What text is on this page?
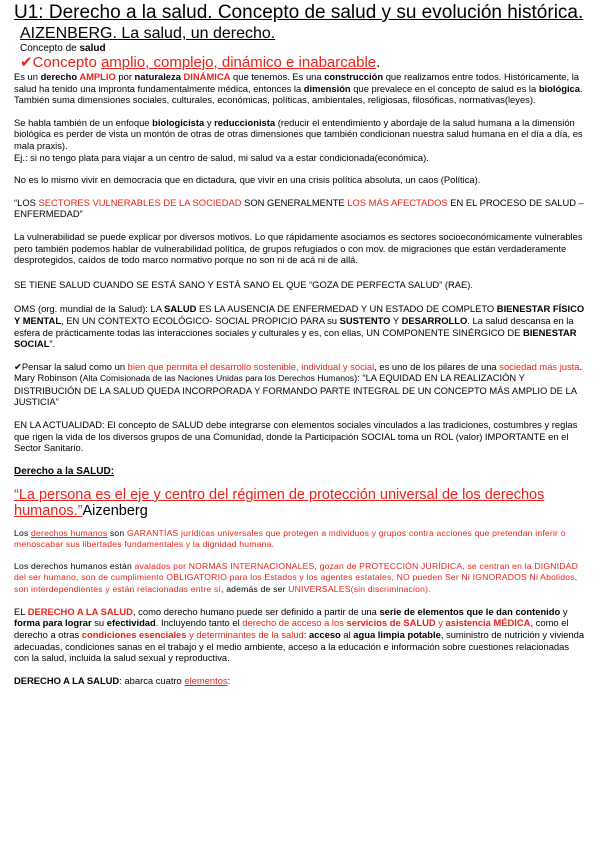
U1: Derecho a la salud. Concepto de salud y su evolución histórica.
AIZENBERG. La salud, un derecho.
Concepto de salud
✔Concepto amplio, complejo, dinámico e inabarcable.

Es un derecho AMPLIO por naturaleza DINÁMICA que tenemos. Es una construcción que realizamos entre todos. Históricamente, la salud ha tenido una impronta fundamentalmente médica, entonces la dimensión que prevalece en el concepto de salud es la biológica.
También suma dimensiones sociales, culturales, económicas, políticas, ambientales, religiosas, filosóficas, normativas(leyes).

Se habla también de un enfoque biologicista y reduccionista (reducir el entendimiento y abordaje de la salud humana a la dimensión biológica es perder de vista un montón de otras de otras dimensiones que también condicionan nuestra salud humana en el día a día, es mala praxis).
Ej.: si no tengo plata para viajar a un centro de salud, mi salud va a estar condicionada(económica).

No es lo mismo vivir en democracia que en dictadura, que vivir en una crisis política absoluta, un caos (Política).

“LOS SECTORES VULNERABLES DE LA SOCIEDAD SON GENERALMENTE LOS MÁS AFECTADOS EN EL PROCESO DE SALUD – ENFERMEDAD”

La vulnerabilidad se puede explicar por diversos motivos. Lo que rápidamente asociamos es sectores socioeconómicamente vulnerables pero también podemos hablar de vulnerabilidad política, de grupos refugiados o con mov. de migraciones que están verdaderamente desprotegidos, caídos de todo marco normativo porque no son ni de acá ni de allá.

SE TIENE SALUD CUANDO SE ESTÁ SANO Y ESTÁ SANO EL QUE “GOZA DE PERFECTA SALUD” (RAE).

OMS (org. mundial de la Salud): LA SALUD ES LA AUSENCIA DE ENFERMEDAD Y UN ESTADO DE COMPLETO BIENESTAR FÍSICO Y MENTAL, EN UN CONTEXTO ECOLÓGICO- SOCIAL PROPICIO PARA su SUSTENTO Y DESARROLLO. La salud descansa en la esfera de prácticamente todas las interacciones sociales y culturales y es, con ellas, UN COMPONENTE SINÉRGICO DE BIENESTAR SOCIAL”.

✔Pensar la salud como un bien que permita el desarrollo sostenible, individual y social, es uno de los pilares de una sociedad más justa.
Mary Robinson (Alta Comisionada de las Naciones Unidas para los Derechos Humanos): “LA EQUIDAD EN LA REALIZACIÓN Y DISTRIBUCIÓN DE LA SALUD QUEDA INCORPORADA Y FORMANDO PARTE INTEGRAL DE UN CONCEPTO MÁS AMPLIO DE LA JUSTICIA”

EN LA ACTUALIDAD: El concepto de SALUD debe integrarse con elementos sociales vinculados a las tradiciones, costumbres y reglas que rigen la vida de los diversos grupos de una Comunidad, donde la Participación SOCIAL toma un ROL (valor) IMPORTANTE en el Sector Sanitario.

Derecho a la SALUD:
“La persona es el eje y centro del régimen de protección universal de los derechos humanos.”Aizenberg

Los derechos humanos son GARANTÍAS jurídicas universales que protegen a individuos y grupos contra acciones que pretendan inferir o menoscabar sus libertades fundamentales y la dignidad humana.

Los derechos humanos están avalados por NORMAS INTERNACIONALES, gozan de PROTECCIÓN JURÍDICA, se centran en la DIGNIDAD del ser humano, son de cumplimiento OBLIGATORIO para los Estados y los agentes estatales, NO pueden Ser Ni IGNORADOS Ni Abolidos, son interdependientes y están relacionadas entre sí, además de ser UNIVERSALES(sin discriminacion).

EL DERECHO A LA SALUD, como derecho humano puede ser definido a partir de una serie de elementos que le dan contenido y forma para lograr su efectividad. Incluyendo tanto el derecho de acceso a los servicios de SALUD y asistencia MÉDICA, como el derecho a otras condiciones esenciales y determinantes de la salud: acceso al agua limpia potable, suministro de nutrición y vivienda adecuadas, condiciones sanas en el trabajo y el medio ambiente, acceso a la educación e información sobre cuestiones relacionadas con la salud, incluida la salud sexual y reproductiva.

DERECHO A LA SALUD: abarca cuatro elementos:
